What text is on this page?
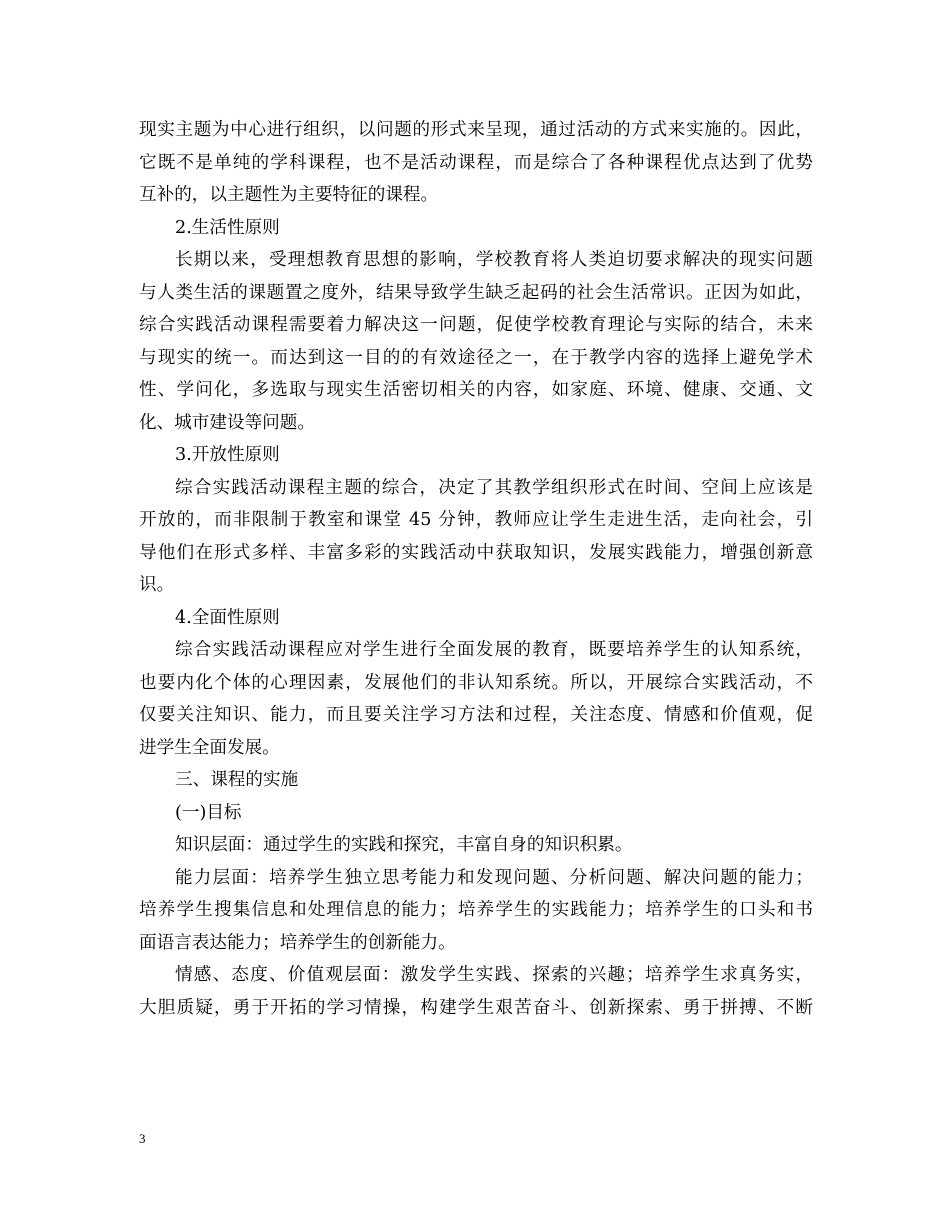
现实主题为中心进行组织，以问题的形式来呈现，通过活动的方式来实施的。因此，
它既不是单纯的学科课程，也不是活动课程，而是综合了各种课程优点达到了优势
互补的，以主题性为主要特征的课程。
2.生活性原则
长期以来，受理想教育思想的影响，学校教育将人类迫切要求解决的现实问题
与人类生活的课题置之度外，结果导致学生缺乏起码的社会生活常识。正因为如此，
综合实践活动课程需要着力解决这一问题，促使学校教育理论与实际的结合，未来
与现实的统一。而达到这一目的的有效途径之一，在于教学内容的选择上避免学术
性、学问化，多选取与现实生活密切相关的内容，如家庭、环境、健康、交通、文
化、城市建设等问题。
3.开放性原则
综合实践活动课程主题的综合，决定了其教学组织形式在时间、空间上应该是
开放的，而非限制于教室和课堂 45 分钟，教师应让学生走进生活，走向社会，引
导他们在形式多样、丰富多彩的实践活动中获取知识，发展实践能力，增强创新意
识。
4.全面性原则
综合实践活动课程应对学生进行全面发展的教育，既要培养学生的认知系统，
也要内化个体的心理因素，发展他们的非认知系统。所以，开展综合实践活动，不
仅要关注知识、能力，而且要关注学习方法和过程，关注态度、情感和价值观，促
进学生全面发展。
三、课程的实施
(一)目标
知识层面：通过学生的实践和探究，丰富自身的知识积累。
能力层面：培养学生独立思考能力和发现问题、分析问题、解决问题的能力；
培养学生搜集信息和处理信息的能力；培养学生的实践能力；培养学生的口头和书
面语言表达能力；培养学生的创新能力。
情感、态度、价值观层面：激发学生实践、探索的兴趣；培养学生求真务实，
大胆质疑，勇于开拓的学习情操，构建学生艰苦奋斗、创新探索、勇于拼搏、不断
3
